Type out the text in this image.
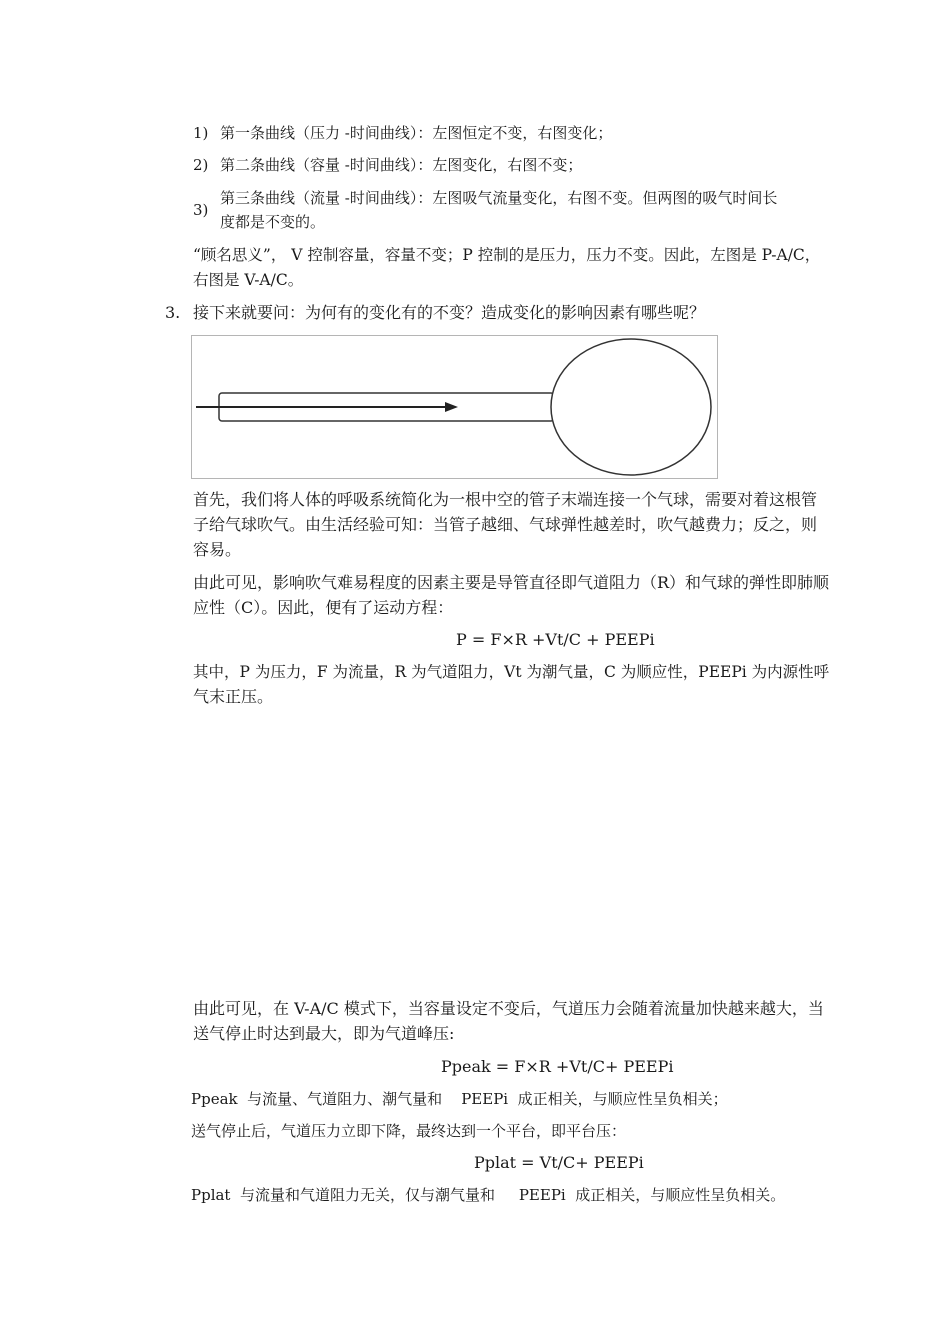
1) 第一条曲线（压力 -时间曲线）：左图恒定不变，右图变化；
2) 第二条曲线（容量 -时间曲线）：左图变化，右图不变；
3)
第三条曲线（流量 -时间曲线）：左图吸气流量变化，右图不变。但两图的吸气时间长
度都是不变的。
“顾名思义”， V 控制容量，容量不变；P 控制的是压力，压力不变。因此，左图是 P-A/C，
右图是 V-A/C。
3. 接下来就要问：为何有的变化有的不变？造成变化的影响因素有哪些呢？
首先，我们将人体的呼吸系统简化为一根中空的管子末端连接一个气球，需要对着这根管
子给气球吹气。由生活经验可知：当管子越细、气球弹性越差时，吹气越费力；反之，则
容易。
由此可见，影响吹气难易程度的因素主要是导管直径即气道阻力（R）和气球的弹性即肺顺
应性（C）。因此，便有了运动方程：
P = F×R +Vt/C + PEEPi
其中，P 为压力，F 为流量，R 为气道阻力，Vt 为潮气量，C 为顺应性，PEEPi 为内源性呼
气末正压。
由此可见，在 V-A/C 模式下，当容量设定不变后，气道压力会随着流量加快越来越大，当
送气停止时达到最大，即为气道峰压:
Ppeak = F×R +Vt/C+ PEEPi
Ppeak  与流量、气道阻力、潮气量和    PEEPi  成正相关，与顺应性呈负相关；
送气停止后，气道压力立即下降，最终达到一个平台，即平台压：
Pplat = Vt/C+ PEEPi
Pplat  与流量和气道阻力无关，仅与潮气量和     PEEPi  成正相关，与顺应性呈负相关。
